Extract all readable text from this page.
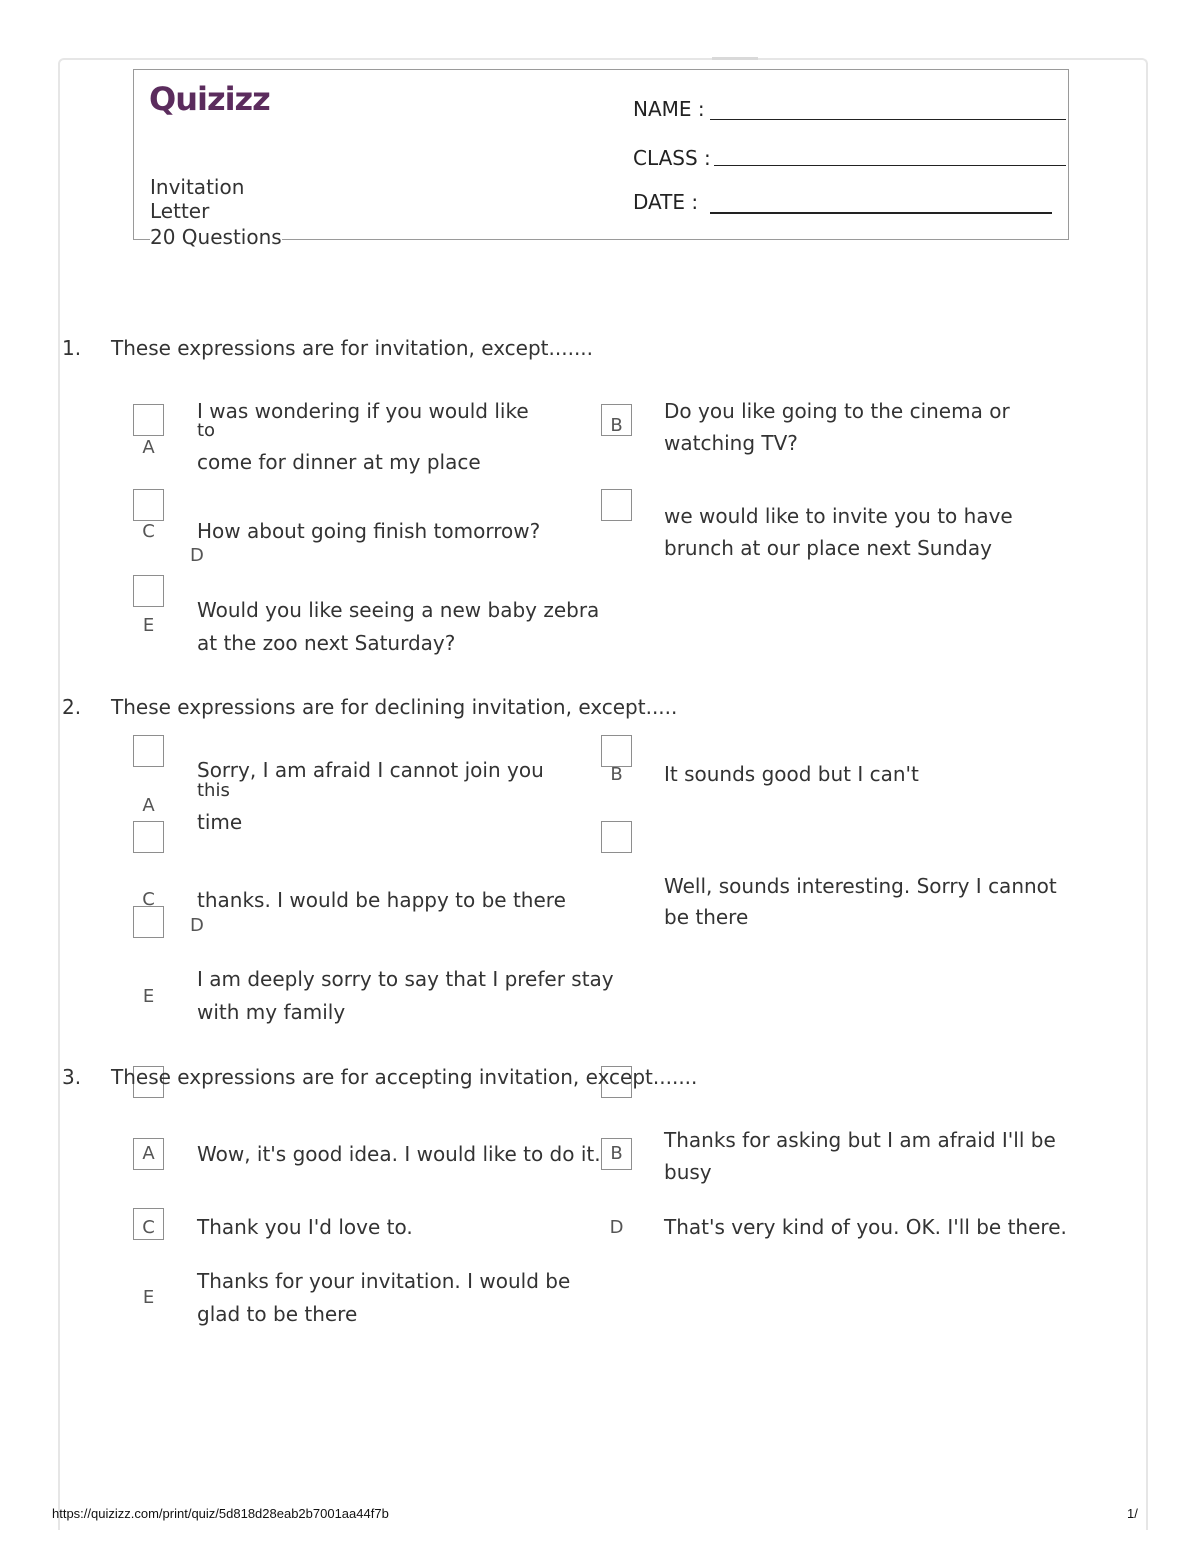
Quizizz
Invitation
Letter
20 Questions
NAME :
CLASS :
DATE :
1. These expressions are for invitation, except.......
A
I was wondering if you would like
to
come for dinner at my place
B
Do you like going to the cinema or
watching TV?
C	How about going finish tomorrow?
D
we would like to invite you to have
brunch at our place next Sunday
E
Would you like seeing a new baby zebra
at the zoo next Saturday?
2. These expressions are for declining invitation, except.....
A
Sorry, I am afraid I cannot join you
this
time
B	It sounds good but I can't
C	thanks. I would be happy to be there
D
Well, sounds interesting. Sorry I cannot
be there
E
I am deeply sorry to say that I prefer stay
with my family
3. These expressions are for accepting invitation, except.......
A	Wow, it's good idea. I would like to do it. B
Thanks for asking but I am afraid I'll be
busy
C	Thank you I'd love to.	D	That's very kind of you. OK. I'll be there.
E
Thanks for your invitation. I would be
glad to be there
https://quizizz.com/print/quiz/5d818d28eab2b7001aa44f7b	1/
